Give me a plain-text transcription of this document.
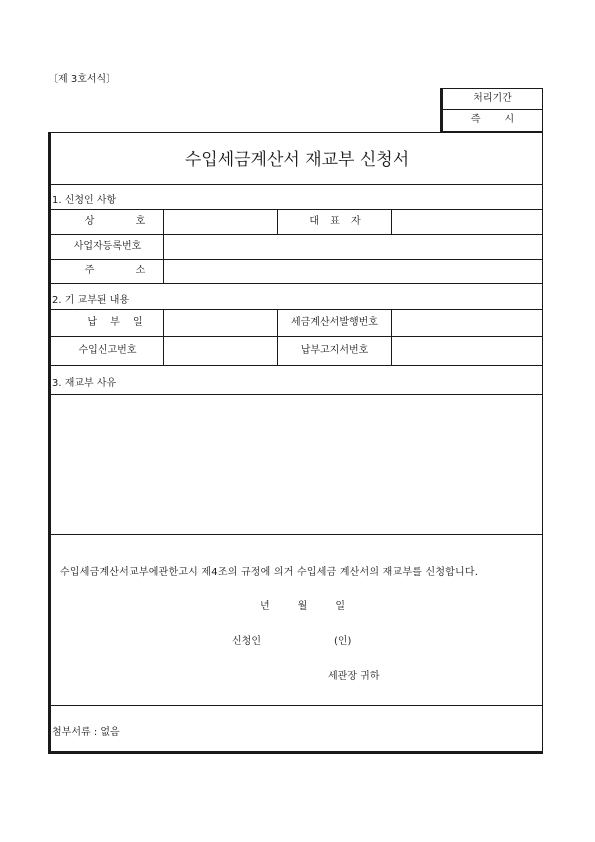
〔제 3호서식〕
처리기간
즉시
수입세금계산서 재교부 신청서
1. 신청인 사항
상 호	대 표 자
사업자등록번호
주 소
2. 기 교부된 내용
납 부 일	세금계산서발행번호
수입신고번호	납부고지서번호
3. 재교부 사유
수입세금계산서교부에관한고시 제4조의 규정에 의거 수입세금 계산서의 재교부를 신청합니다.
년	월	일
신청인	(인)
세관장 귀하
첨부서류 : 없음
